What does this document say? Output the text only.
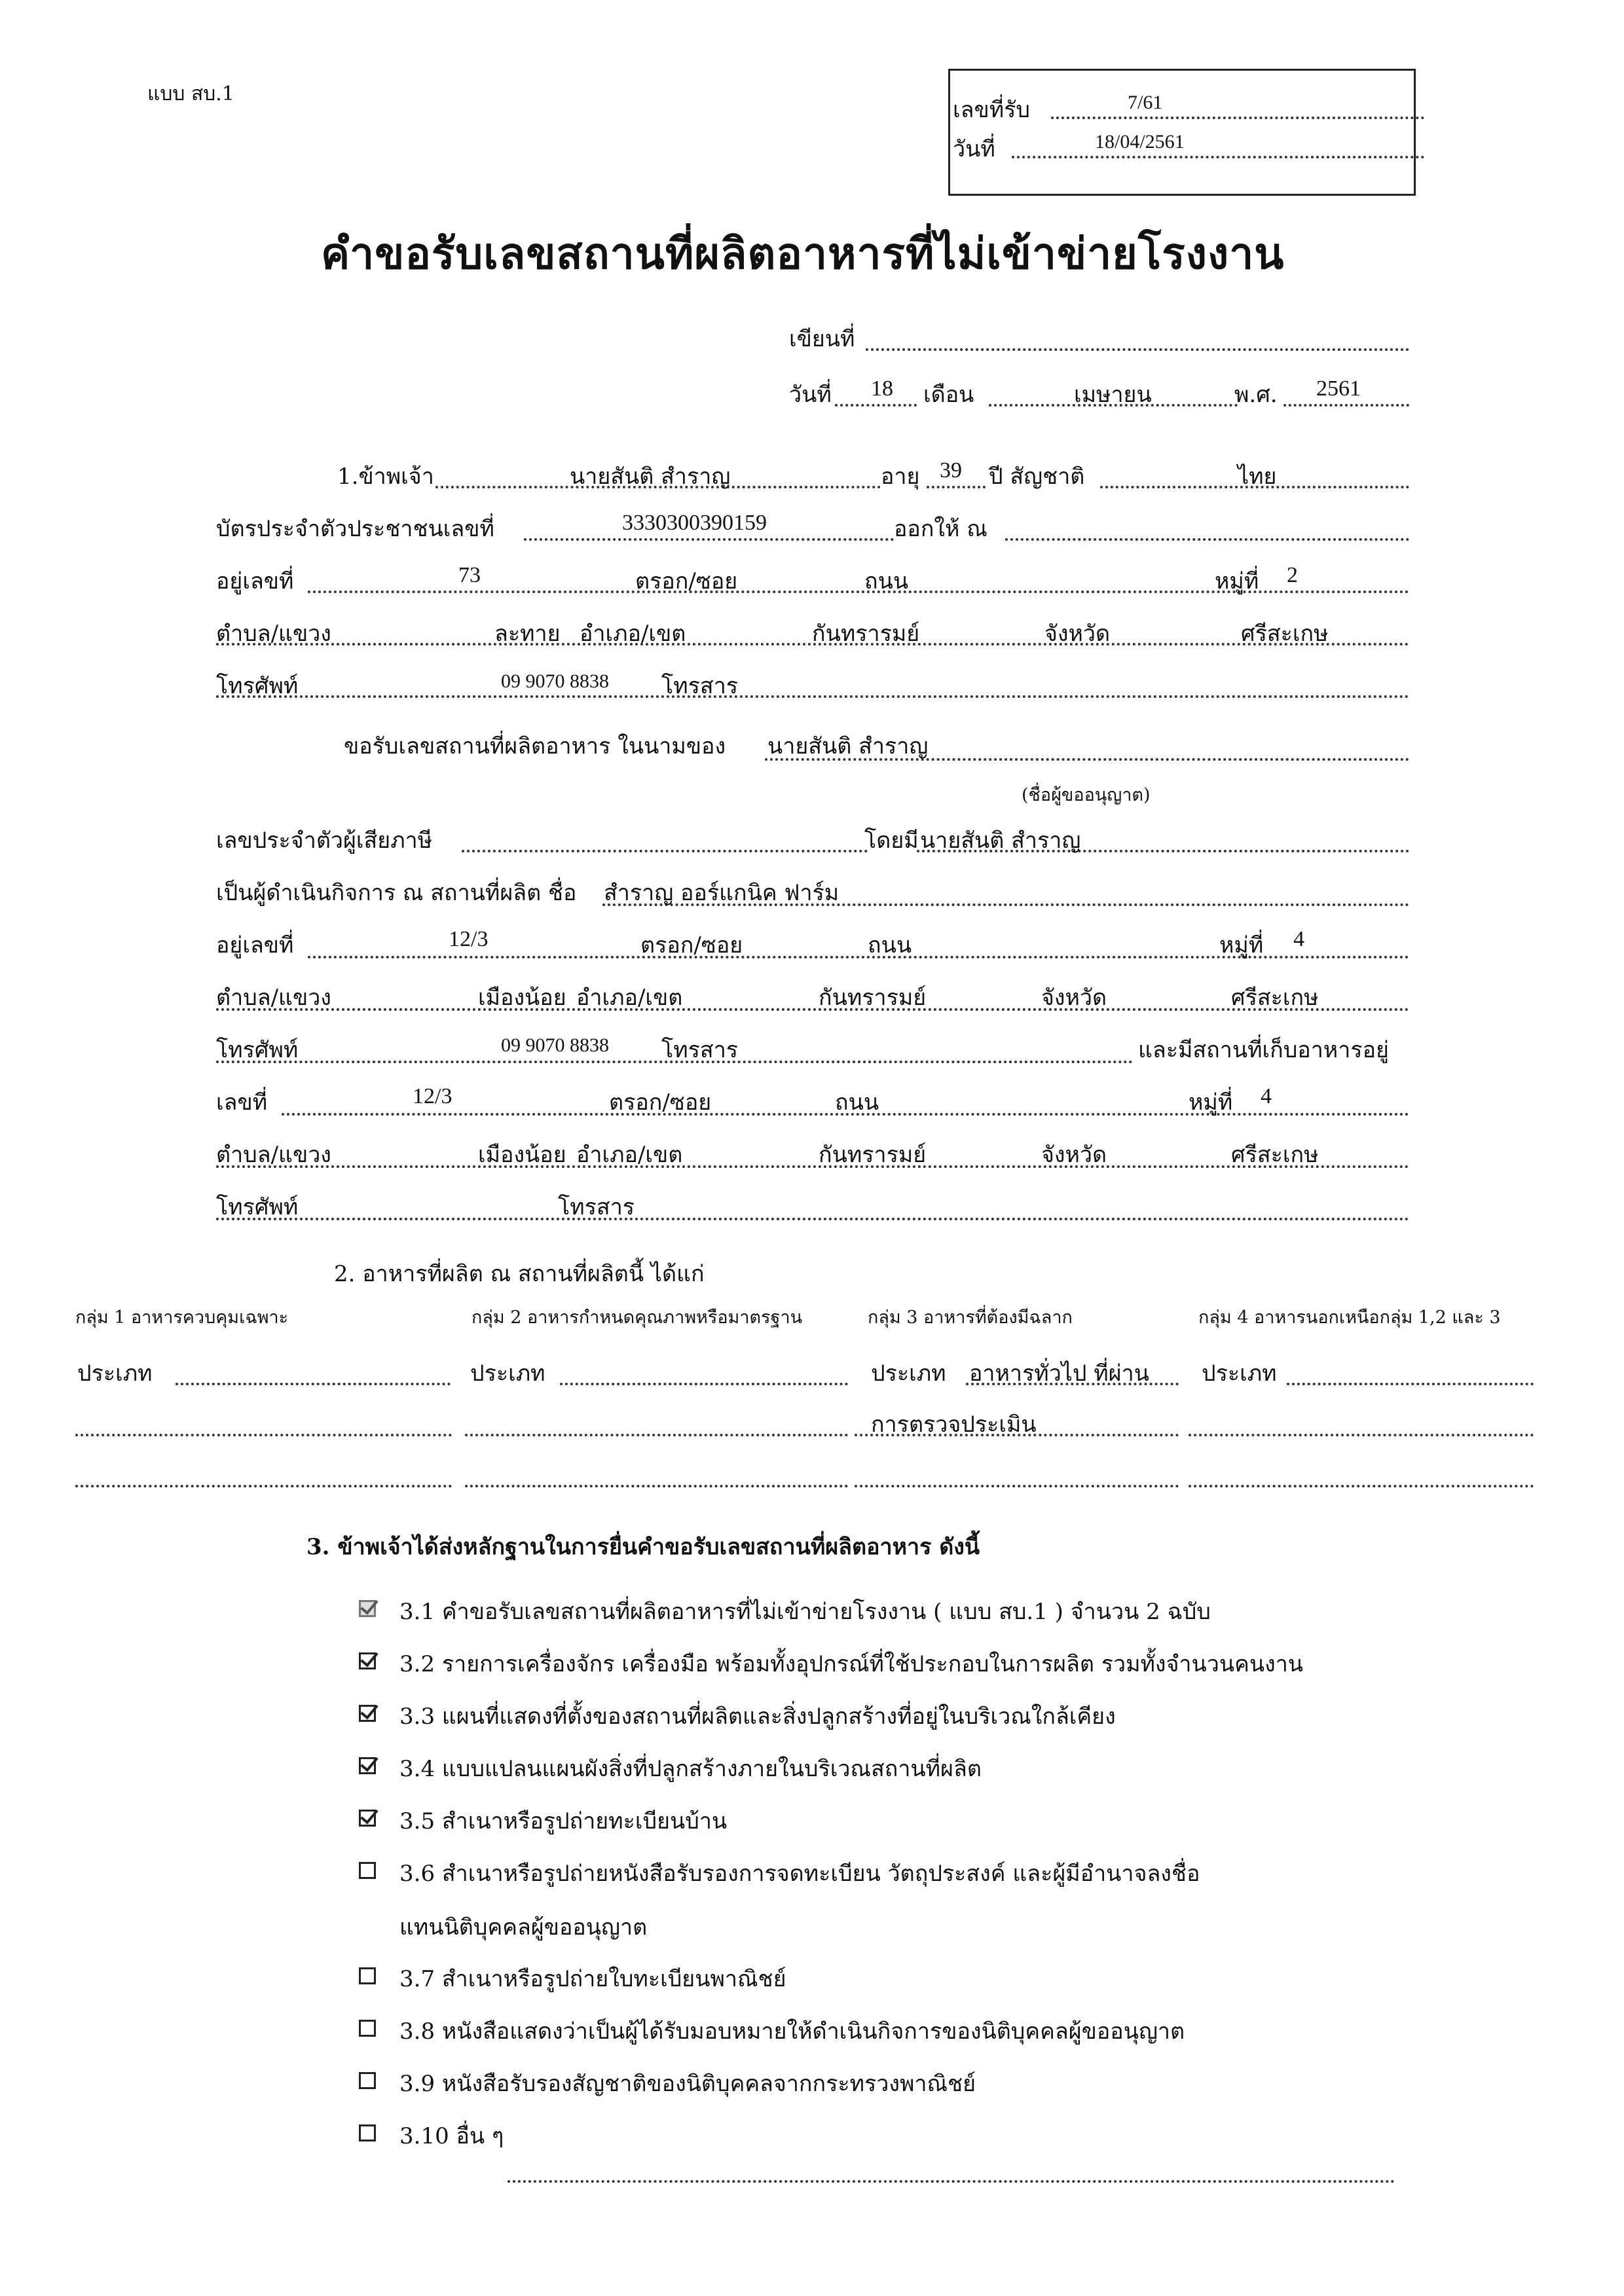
แบบ สบ.1
เลขที่รับ	7/61
วันที่	18/04/2561
คำขอรับเลขสถานที่ผลิตอาหารที่ไม่เข้าข่ายโรงงาน
เขียนที่
วันที่ 18 เดือน	เมษายน	พ.ศ. 2561
1.ข้าพเจ้า	นายสันติ สำราญ	อายุ 39 ปี สัญชาติ	ไทย
บัตรประจำตัวประชาชนเลขที่	3330300390159	ออกให้ ณ
อยู่เลขที่	73	ตรอก/ซอย	ถนน	หมู่ที่ 2
ตำบล/แขวง	ละทาย อำเภอ/เขต	กันทรารมย์	จังหวัด	ศรีสะเกษ
โทรศัพท์	09 9070 8838 โทรสาร
ขอรับเลขสถานที่ผลิตอาหาร ในนามของ นายสันติ สำราญ
(ชื่อผู้ขออนุญาต)
เลขประจำตัวผู้เสียภาษี	โดยมี นายสันติ สำราญ
เป็นผู้ดำเนินกิจการ ณ สถานที่ผลิต ชื่อ สำราญ ออร์แกนิค ฟาร์ม
อยู่เลขที่	12/3	ตรอก/ซอย	ถนน	หมู่ที่ 4
ตำบล/แขวง	เมืองน้อย อำเภอ/เขต	กันทรารมย์	จังหวัด	ศรีสะเกษ
โทรศัพท์	09 9070 8838 โทรสาร	และมีสถานที่เก็บอาหารอยู่
เลขที่	12/3	ตรอก/ซอย	ถนน	หมู่ที่ 4
ตำบล/แขวง	เมืองน้อย อำเภอ/เขต	กันทรารมย์	จังหวัด	ศรีสะเกษ
โทรศัพท์	โทรสาร
2. อาหารที่ผลิต ณ สถานที่ผลิตนี้ ได้แก่
กลุ่ม 1 อาหารควบคุมเฉพาะ	กลุ่ม 2 อาหารกำหนดคุณภาพหรือมาตรฐาน	กลุ่ม 3 อาหารที่ต้องมีฉลาก	กลุ่ม 4 อาหารนอกเหนือกลุ่ม 1,2 และ 3
ประเภท	ประเภท	ประเภท อาหารทั่วไป ที่ผ่าน ประเภท
การตรวจประเมิน
3. ข้าพเจ้าได้ส่งหลักฐานในการยื่นคำขอรับเลขสถานที่ผลิตอาหาร ดังนี้
3.1 คำขอรับเลขสถานที่ผลิตอาหารที่ไม่เข้าข่ายโรงงาน ( แบบ สบ.1 ) จำนวน 2 ฉบับ
3.2 รายการเครื่องจักร เครื่องมือ พร้อมทั้งอุปกรณ์ที่ใช้ประกอบในการผลิต รวมทั้งจำนวนคนงาน
3.3 แผนที่แสดงที่ตั้งของสถานที่ผลิตและสิ่งปลูกสร้างที่อยู่ในบริเวณใกล้เคียง
3.4 แบบแปลนแผนผังสิ่งที่ปลูกสร้างภายในบริเวณสถานที่ผลิต
3.5 สำเนาหรือรูปถ่ายทะเบียนบ้าน
3.6 สำเนาหรือรูปถ่ายหนังสือรับรองการจดทะเบียน วัตถุประสงค์ และผู้มีอำนาจลงชื่อ
แทนนิติบุคคลผู้ขออนุญาต
3.7 สำเนาหรือรูปถ่ายใบทะเบียนพาณิชย์
3.8 หนังสือแสดงว่าเป็นผู้ได้รับมอบหมายให้ดำเนินกิจการของนิติบุคคลผู้ขออนุญาต
3.9 หนังสือรับรองสัญชาติของนิติบุคคลจากกระทรวงพาณิชย์
3.10 อื่น ๆ
